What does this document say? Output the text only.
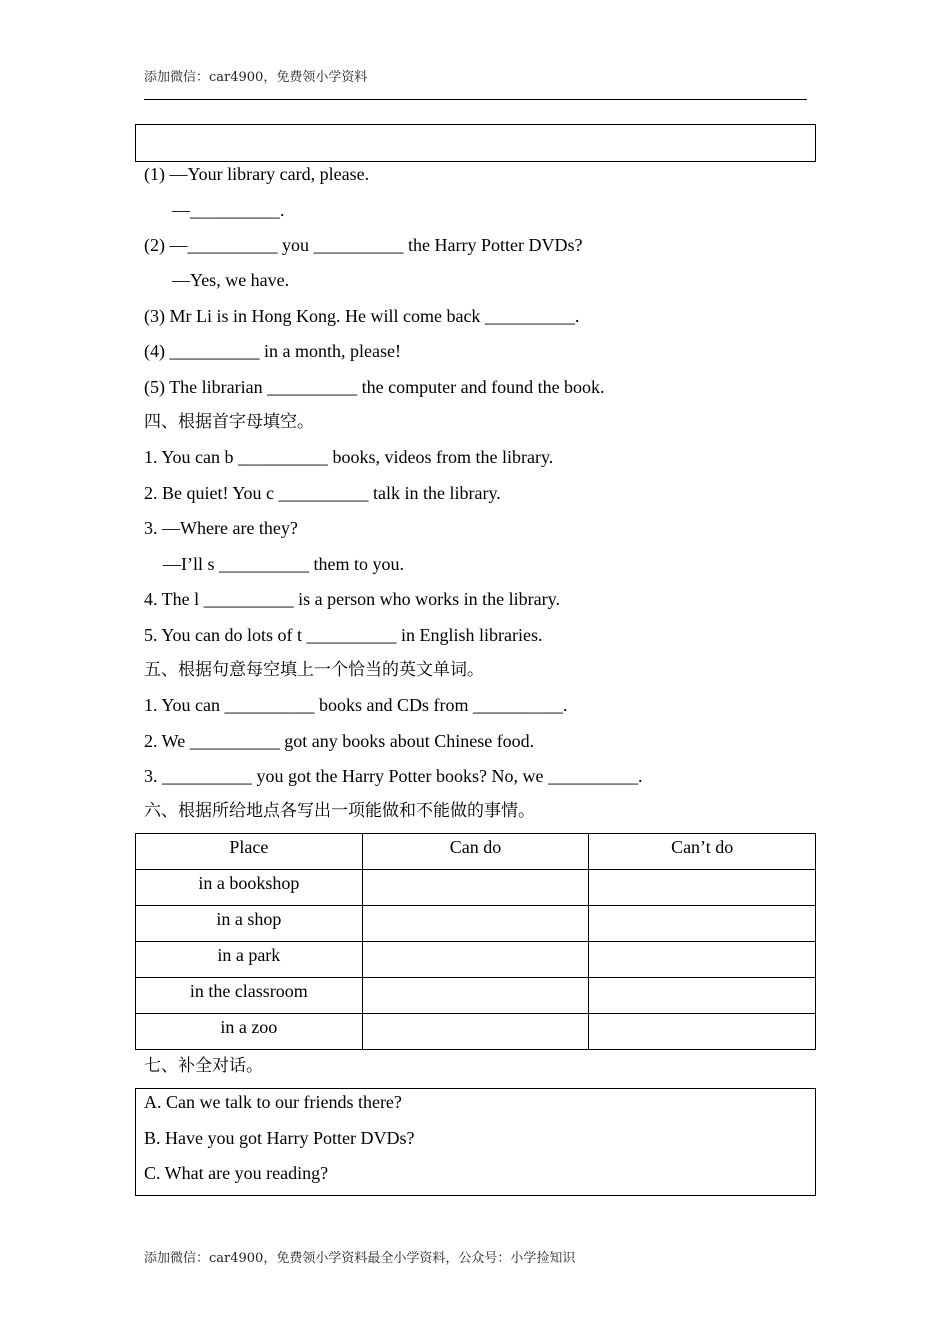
添加微信：car4900，免费领小学资料
(1) —Your library card, please.
—__________.
(2) —__________ you __________ the Harry Potter DVDs?
—Yes, we have.
(3) Mr Li is in Hong Kong. He will come back __________.
(4) __________ in a month, please!
(5) The librarian __________ the computer and found the book.
四、根据首字母填空。
1. You can b __________ books, videos from the library.
2. Be quiet! You c __________ talk in the library.
3. —Where are they?
—I’ll s __________ them to you.
4. The l __________ is a person who works in the library.
5. You can do lots of t __________ in English libraries.
五、根据句意每空填上一个恰当的英文单词。
1. You can __________ books and CDs from __________.
2. We __________ got any books about Chinese food.
3. __________ you got the Harry Potter books? No, we __________.
六、根据所给地点各写出一项能做和不能做的事情。
Place	Can do	Can’t do
in a bookshop		
in a shop		
in a park		
in the classroom		
in a zoo		
七、补全对话。
A. Can we talk to our friends there?
B. Have you got Harry Potter DVDs?
C. What are you reading?
添加微信：car4900，免费领小学资料最全小学资料，公众号：小学捡知识
